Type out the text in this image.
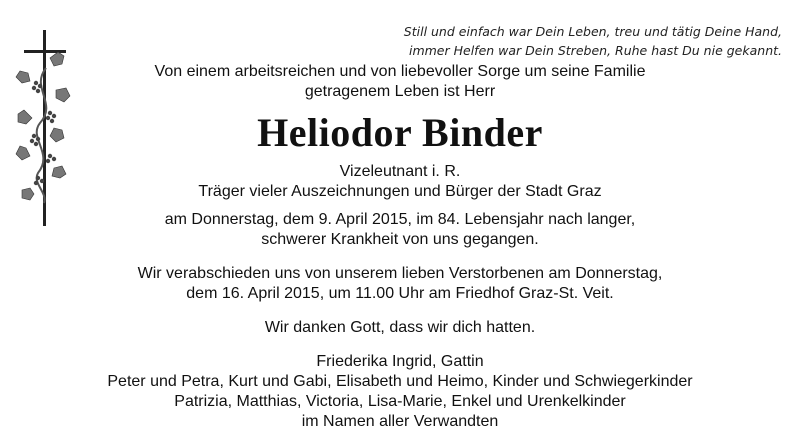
Still und einfach war Dein Leben, treu und tätig Deine Hand,
immer Helfen war Dein Streben, Ruhe hast Du nie gekannt.
Von einem arbeitsreichen und von liebevoller Sorge um seine Familie
getragenem Leben ist Herr
Heliodor Binder
Vizeleutnant i. R.
Träger vieler Auszeichnungen und Bürger der Stadt Graz
am Donnerstag, dem 9. April 2015, im 84. Lebensjahr nach langer,
schwerer Krankheit von uns gegangen.
Wir verabschieden uns von unserem lieben Verstorbenen am Donnerstag,
dem 16. April 2015, um 11.00 Uhr am Friedhof Graz-St. Veit.
Wir danken Gott, dass wir dich hatten.
Friederika Ingrid, Gattin
Peter und Petra, Kurt und Gabi, Elisabeth und Heimo, Kinder und Schwiegerkinder
Patrizia, Matthias, Victoria, Lisa-Marie, Enkel und Urenkelkinder
im Namen aller Verwandten
